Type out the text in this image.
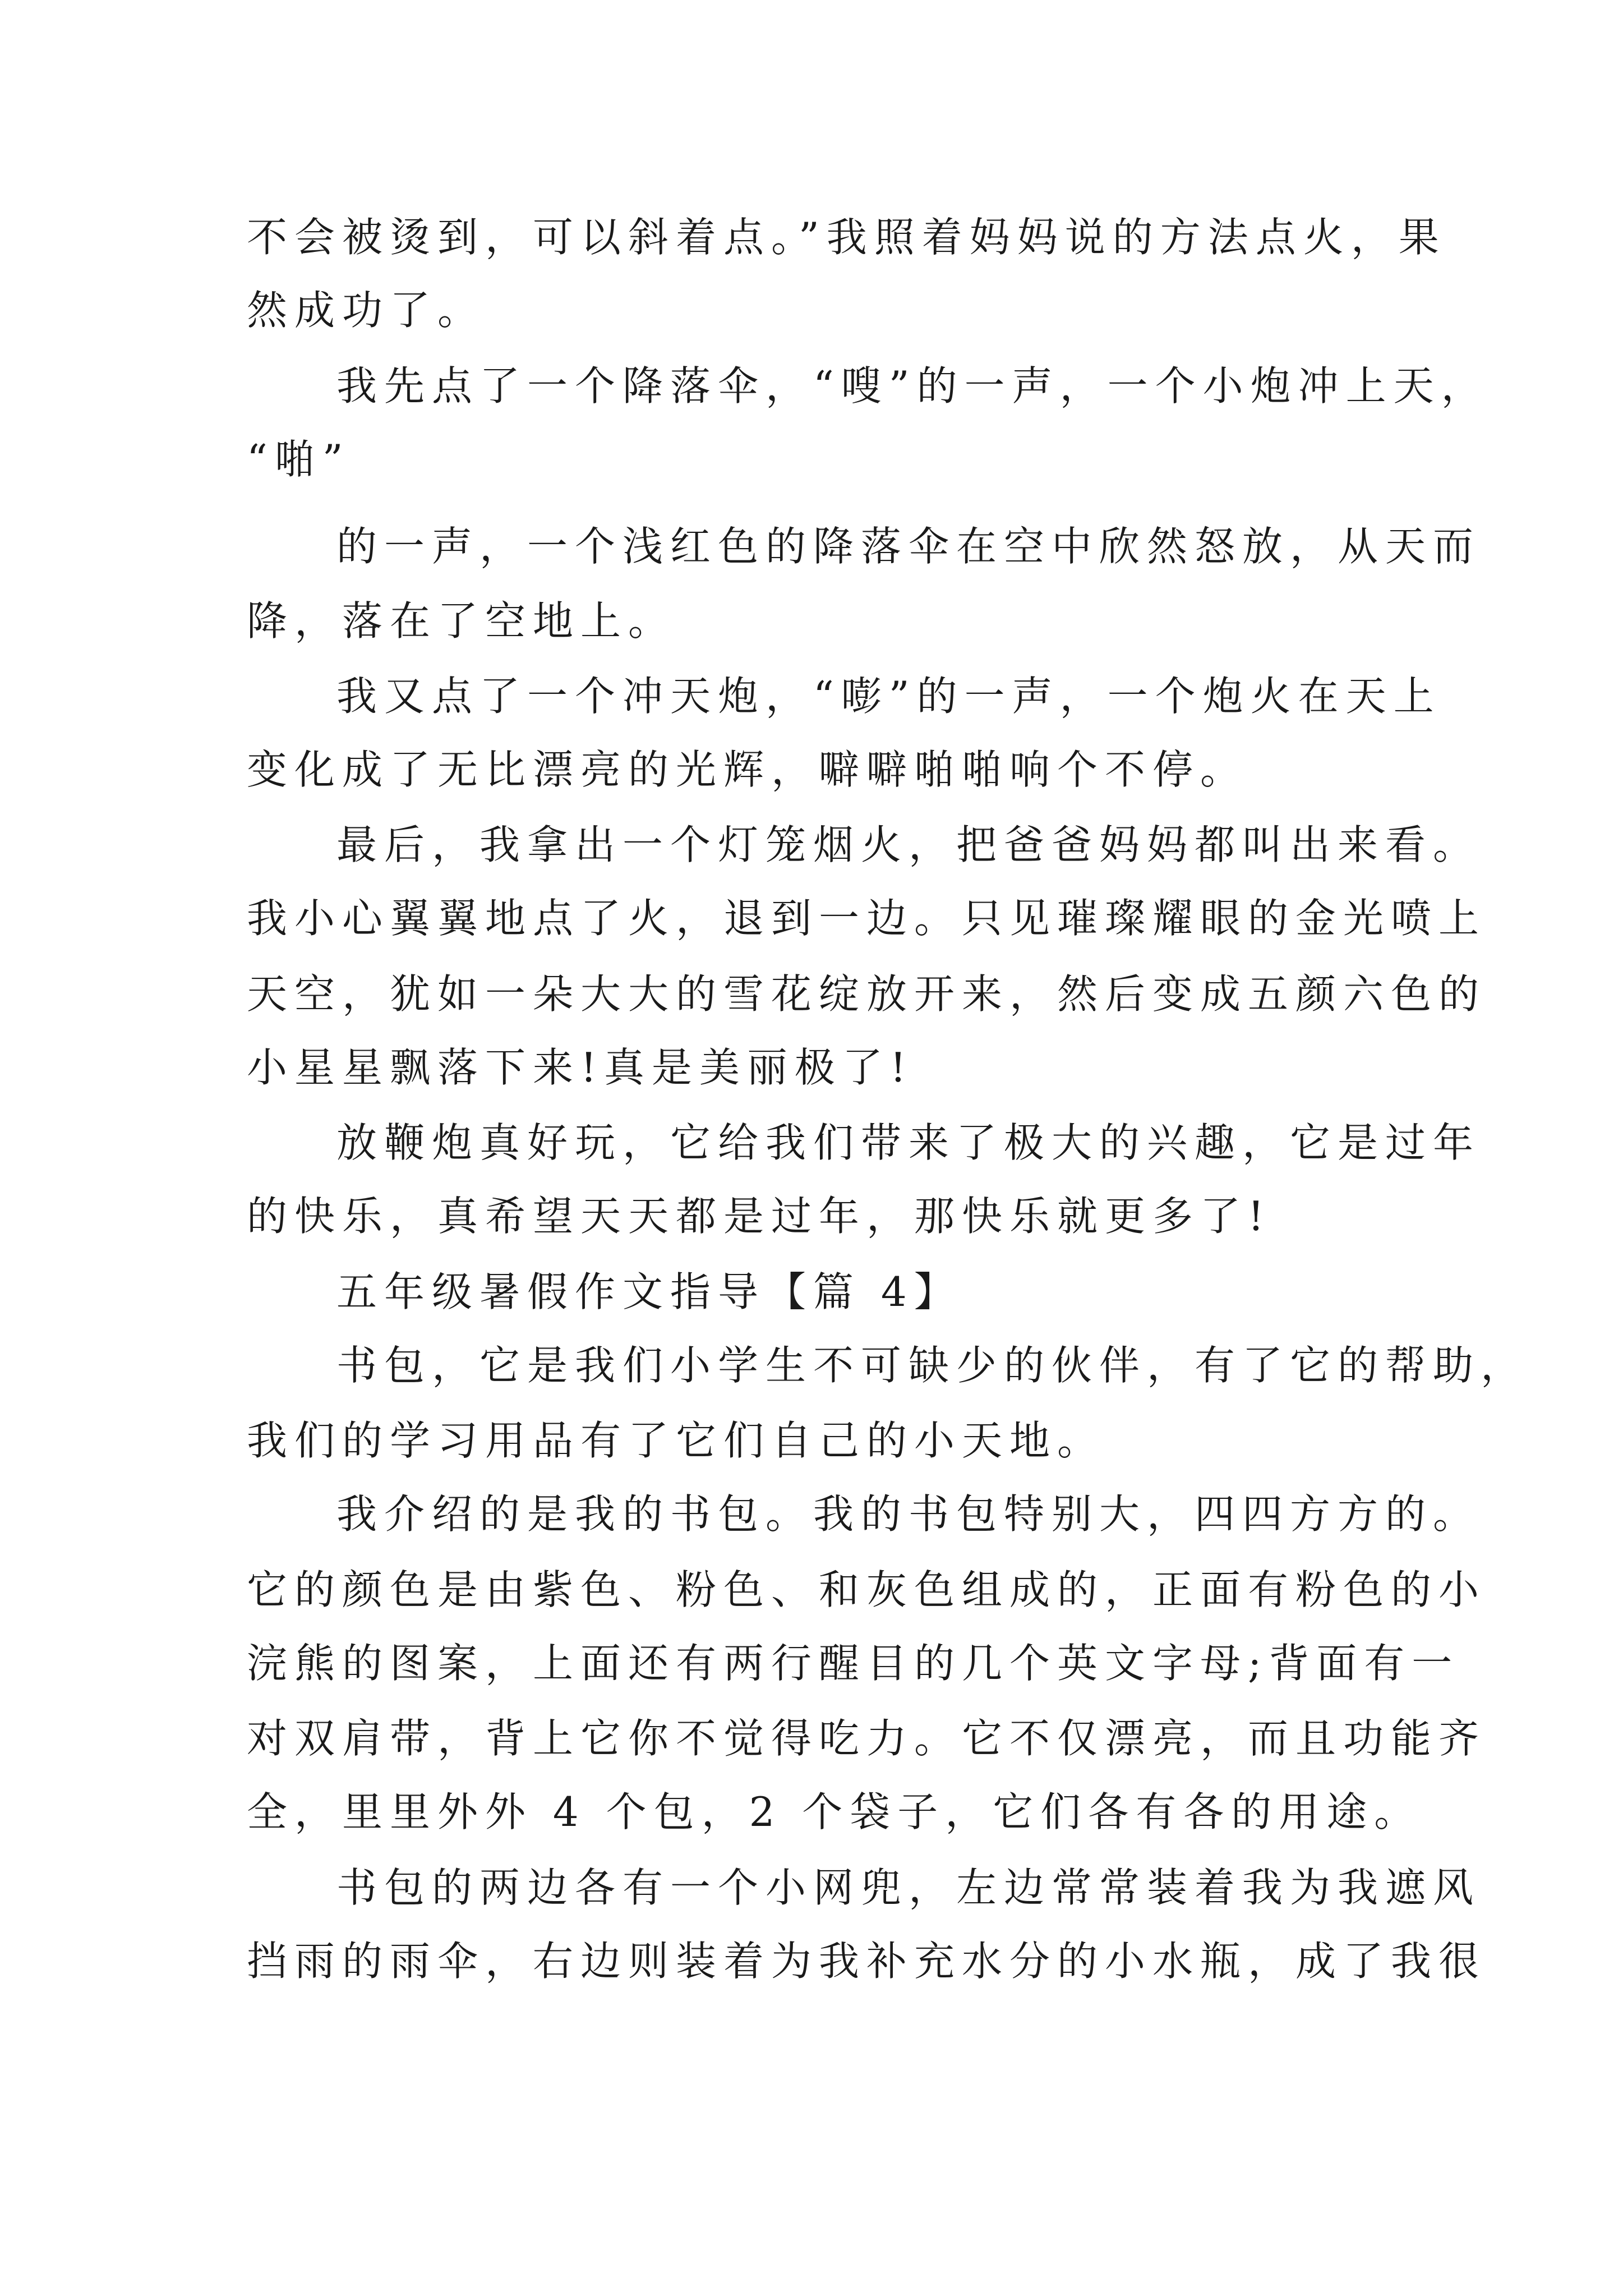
不会被烫到，可以斜着点。”我照着妈妈说的方法点火，果
然成功了。
我先点了一个降落伞，“嗖”的一声，一个小炮冲上天，
“啪”
的一声，一个浅红色的降落伞在空中欣然怒放，从天而
降，落在了空地上。
我又点了一个冲天炮，“嘭”的一声，一个炮火在天上
变化成了无比漂亮的光辉，噼噼啪啪响个不停。
最后，我拿出一个灯笼烟火，把爸爸妈妈都叫出来看。
我小心翼翼地点了火，退到一边。只见璀璨耀眼的金光喷上
天空，犹如一朵大大的雪花绽放开来，然后变成五颜六色的
小星星飘落下来!真是美丽极了!
放鞭炮真好玩，它给我们带来了极大的兴趣，它是过年
的快乐，真希望天天都是过年，那快乐就更多了!
五年级暑假作文指导【篇 4】
书包，它是我们小学生不可缺少的伙伴，有了它的帮助，
我们的学习用品有了它们自己的小天地。
我介绍的是我的书包。我的书包特别大，四四方方的。
它的颜色是由紫色、粉色、和灰色组成的，正面有粉色的小
浣熊的图案，上面还有两行醒目的几个英文字母;背面有一
对双肩带，背上它你不觉得吃力。它不仅漂亮，而且功能齐
全，里里外外 4 个包，2 个袋子，它们各有各的用途。
书包的两边各有一个小网兜，左边常常装着我为我遮风
挡雨的雨伞，右边则装着为我补充水分的小水瓶，成了我很
